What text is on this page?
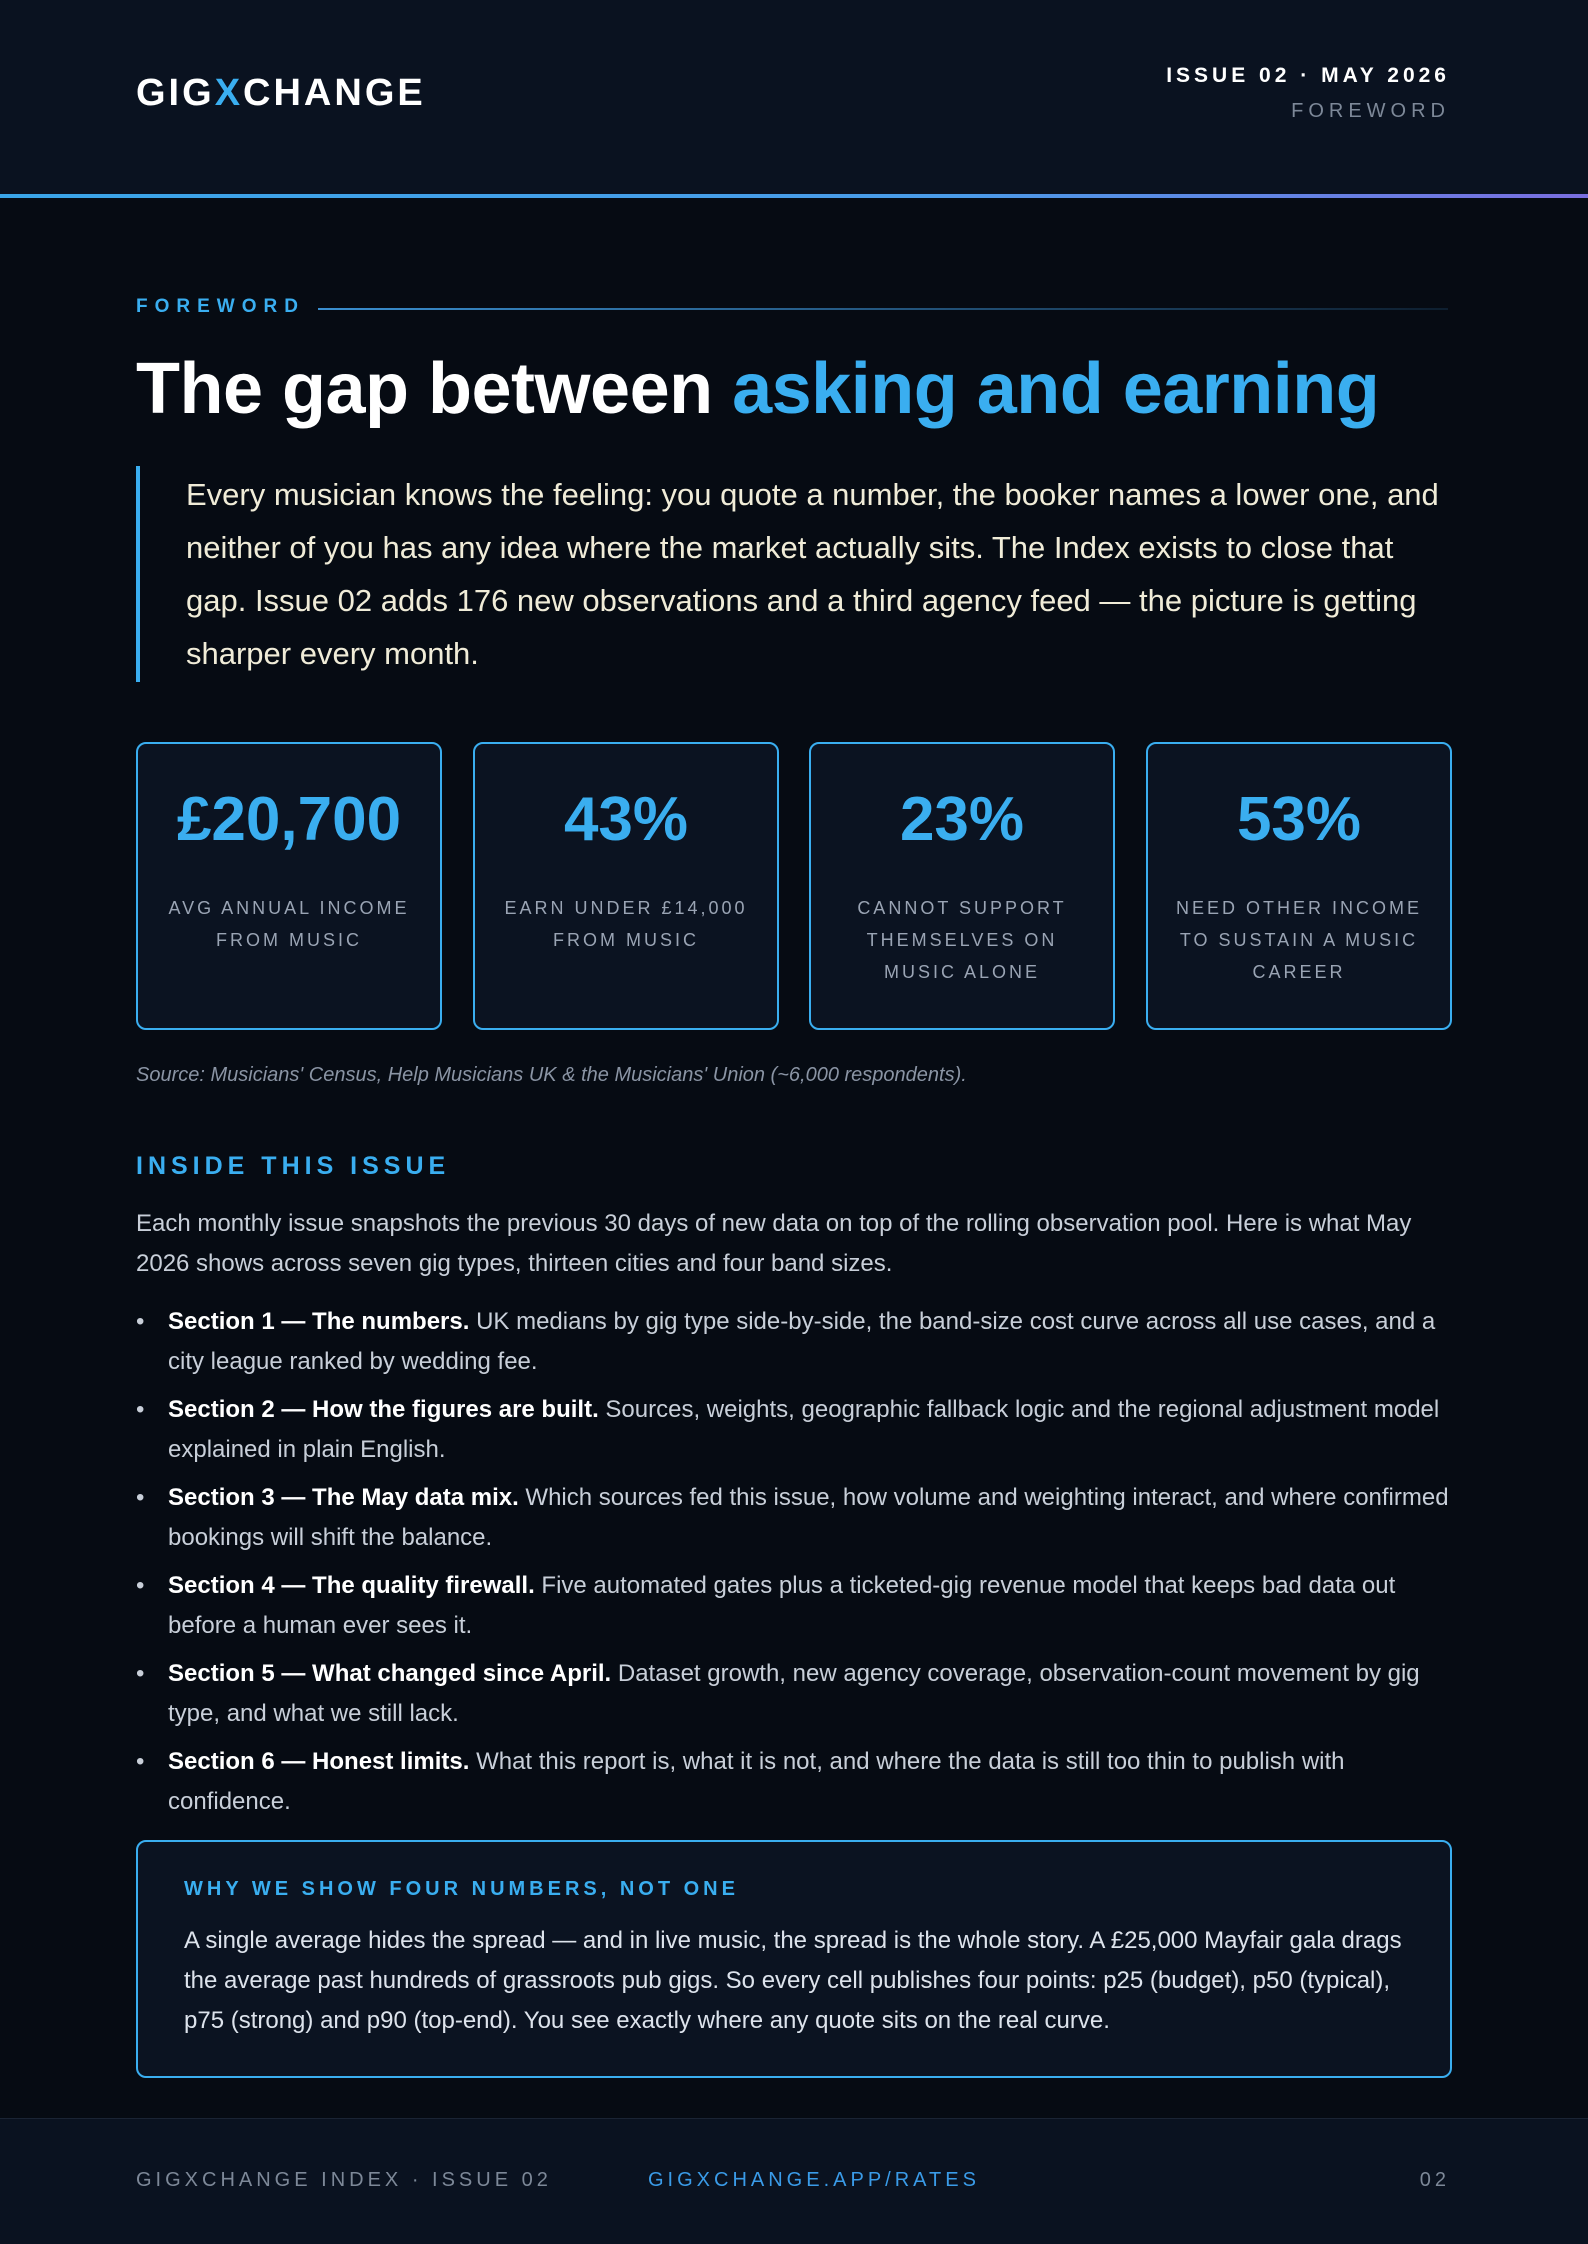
GIGXCHANGE	ISSUE 02 · MAY 2026
FOREWORD
FOREWORD
The gap between asking and earning
Every musician knows the feeling: you quote a number, the booker names a lower one, and neither of you has any idea where the market actually sits. The Index exists to close that gap. Issue 02 adds 176 new observations and a third agency feed — the picture is getting sharper every month.
£20,700
AVG ANNUAL INCOME FROM MUSIC
43%
EARN UNDER £14,000 FROM MUSIC
23%
CANNOT SUPPORT THEMSELVES ON MUSIC ALONE
53%
NEED OTHER INCOME TO SUSTAIN A MUSIC CAREER
Source: Musicians' Census, Help Musicians UK & the Musicians' Union (~6,000 respondents).
INSIDE THIS ISSUE

Each monthly issue snapshots the previous 30 days of new data on top of the rolling observation pool. Here is what May 2026 shows across seven gig types, thirteen cities and four band sizes.

• Section 1 — The numbers. UK medians by gig type side-by-side, the band-size cost curve across all use cases, and a city league ranked by wedding fee.
• Section 2 — How the figures are built. Sources, weights, geographic fallback logic and the regional adjustment model explained in plain English.
• Section 3 — The May data mix. Which sources fed this issue, how volume and weighting interact, and where confirmed bookings will shift the balance.
• Section 4 — The quality firewall. Five automated gates plus a ticketed-gig revenue model that keeps bad data out before a human ever sees it.
• Section 5 — What changed since April. Dataset growth, new agency coverage, observation-count movement by gig type, and what we still lack.
• Section 6 — Honest limits. What this report is, what it is not, and where the data is still too thin to publish with confidence.
WHY WE SHOW FOUR NUMBERS, NOT ONE
A single average hides the spread — and in live music, the spread is the whole story. A £25,000 Mayfair gala drags the average past hundreds of grassroots pub gigs. So every cell publishes four points: p25 (budget), p50 (typical), p75 (strong) and p90 (top-end). You see exactly where any quote sits on the real curve.
GIGXCHANGE INDEX · ISSUE 02	GIGXCHANGE.APP/RATES	02
